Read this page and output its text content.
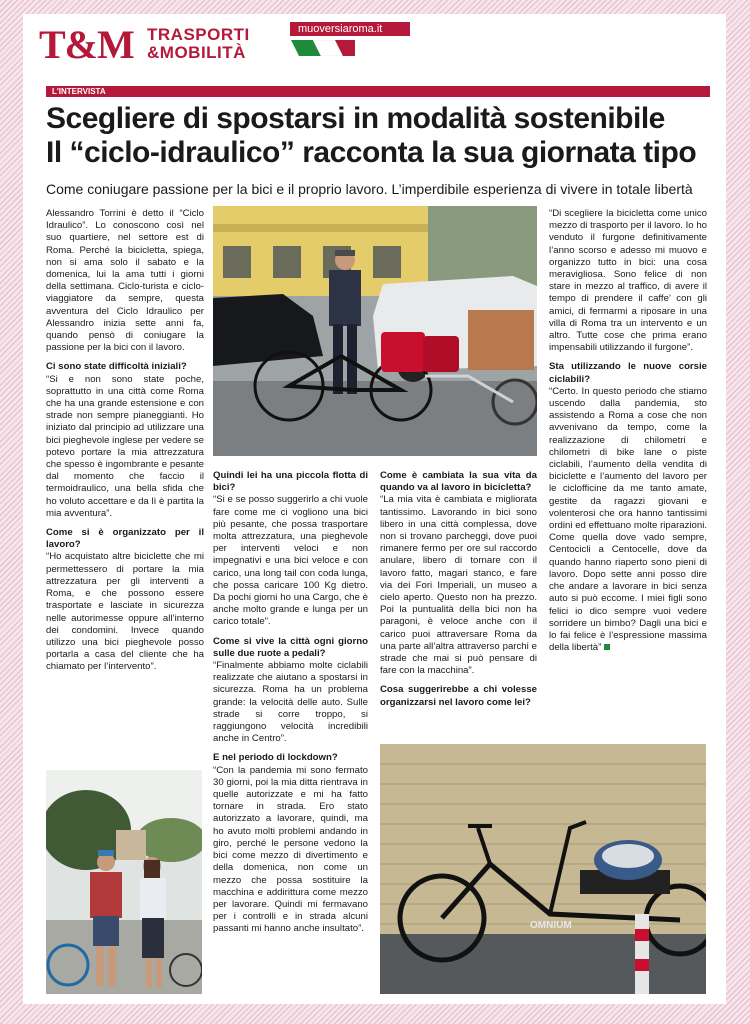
T&M TRASPORTI
&MOBILITÀ
muoversiaroma.it
L'INTERVISTA
Scegliere di spostarsi in modalità sostenibile
Il “ciclo-idraulico” racconta la sua giornata tipo

Come coniugare passione per la bici e il proprio lavoro. L’imperdibile esperienza di vivere in totale libertà

Alessandro Torrini è detto il “Ciclo Idraulico”. Lo conoscono così nel suo quartiere, nel settore est di Roma. Perché la bicicletta, spiega, non si ama solo il sabato e la domenica, lui la ama tutti i giorni della settimana. Ciclo-turista e ciclo-viaggiatore da sempre, questa avventura del Ciclo Idraulico per Alessandro inizia sette anni fa, quando pensò di coniugare la passione per la bici con il lavoro.

Ci sono state difficoltà iniziali?

“Si e non sono state poche, soprattutto in una città come Roma che ha una grande estensione e con strade non sempre pianeggianti. Ho iniziato dal principio ad utilizzare una bici pieghevole inglese per vedere se potevo portare la mia attrezzatura che spesso è ingombrante e pesante dal momento che faccio il termoidraulico, una bella sfida che ho voluto accettare e da lì è partita la mia avventura”.

Come si è organizzato per il lavoro?

“Ho acquistato altre biciclette che mi permettessero di portare la mia attrezzatura per gli interventi a Roma, e che possono essere trasportate e lasciate in sicurezza nelle autorimesse oppure all’interno dei condomini. Invece quando utilizzo una bici pieghevole posso portarla a casa del cliente che ha chiamato per l’intervento”.

Quindi lei ha una piccola flotta di bici?

“Si e se posso suggerirlo a chi vuole fare come me ci vogliono una bici più pesante, che possa trasportare molta attrezzatura, una pieghevole per interventi veloci e non impegnativi e una bici veloce e con carico, una long tail con coda lunga, che possa caricare 100 Kg dietro. Da pochi giorni ho una Cargo, che è anche molto grande e lunga per un carico totale”.

Come si vive la città ogni giorno sulle due ruote a pedali?

“Finalmente abbiamo molte ciclabili realizzate che aiutano a spostarsi in sicurezza. Roma ha un problema grande: la velocità delle auto. Sulle strade si corre troppo, si raggiungono velocità incredibili anche in Centro”.

E nel periodo di lockdown?

“Con la pandemia mi sono fermato 30 giorni, poi la mia ditta rientrava in quelle autorizzate e mi ha fatto tornare in strada. Ero stato autorizzato a lavorare, quindi, ma ho avuto molti problemi andando in giro, perché le persone vedono la bici come mezzo di divertimento e della domenica, non come un mezzo che possa sostituire la macchina e addirittura come mezzo per lavorare. Quindi mi fermavano per i controlli e in strada alcuni passanti mi hanno anche insultato”.

Come è cambiata la sua vita da quando va al lavoro in bicicletta?

“La mia vita è cambiata e migliorata tantissimo. Lavorando in bici sono libero in una città complessa, dove non si trovano parcheggi, dove puoi rimanere fermo per ore sul raccordo anulare, libero di tornare con il lavoro fatto, magari stanco, e fare via dei Fori Imperiali, un museo a cielo aperto. Questo non ha prezzo. Poi la puntualità della bici non ha paragoni, è veloce anche con il carico puoi attraversare Roma da una parte all’altra attraverso parchi e strade che mai si può pensare di fare con la macchina”.

Cosa suggerirebbe a chi volesse organizzarsi nel lavoro come lei?

“Di scegliere la bicicletta come unico mezzo di trasporto per il lavoro. Io ho venduto il furgone definitivamente l’anno scorso e adesso mi muovo e organizzo tutto in bici: una cosa meravigliosa. Sono felice di non stare in mezzo al traffico, di avere il tempo di prendere il caffe’ con gli amici, di fermarmi a riposare in una villa di Roma tra un intervento e un altro. Tutte cose che prima erano impensabili utilizzando il furgone”.

Sta utilizzando le nuove corsie ciclabili?

“Certo. In questo periodo che stiamo uscendo dalla pandemia, sto assistendo a Roma a cose che non avvenivano da tempo, come la realizzazione di chilometri e chilometri di bike lane o piste ciclabili, l’aumento della vendita di biciclette e l’aumento del lavoro per le ciclofficine da me tanto amate, gestite da ragazzi giovani e volenterosi che ora hanno tantissimi ordini ed effettuano molte riparazioni. Come quella dove vado sempre, Centocicli a Centocelle, dove da quando hanno riaperto sono pieni di lavoro. Dopo sette anni posso dire che andare a lavorare in bici senza auto si può eccome. I miei figli sono felici io dico sempre vuoi vedere sorridere un bimbo? Dagli una bici e lo fai felice è l’espressione massima della libertà”

OMNIUM
